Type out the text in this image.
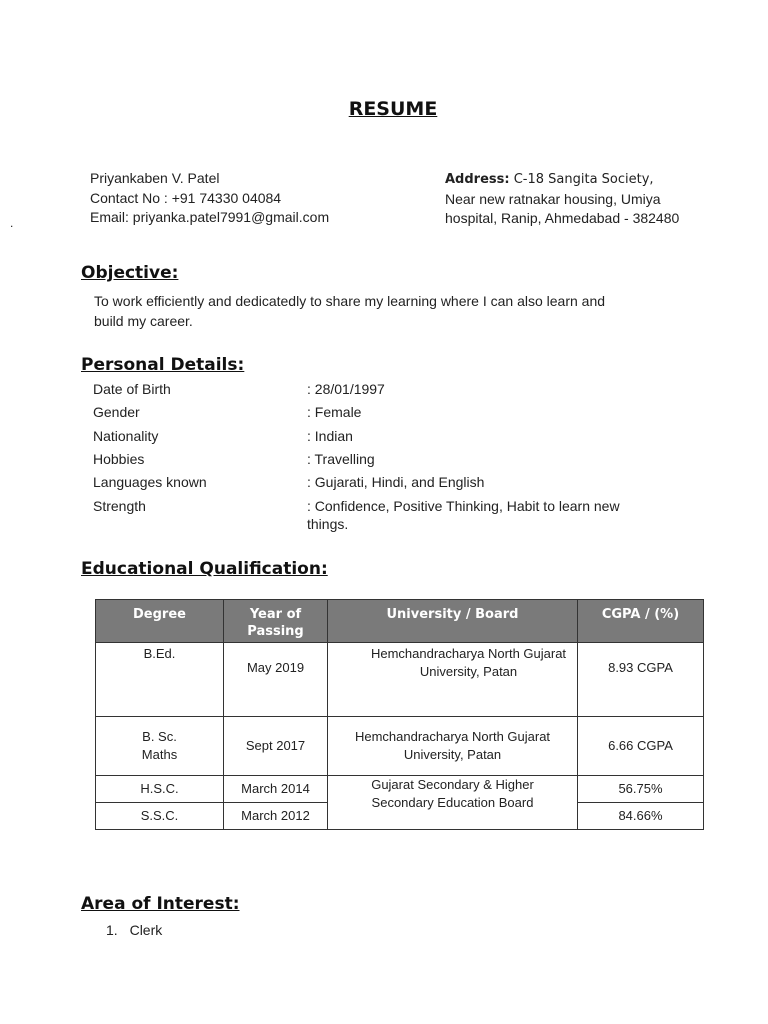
.
RESUME
Priyankaben V. Patel
Contact No : +91 74330 04084
Email: priyanka.patel7991@gmail.com
Address: C-18 Sangita Society,
Near new ratnakar housing, Umiya
hospital, Ranip, Ahmedabad - 382480
Objective:
To work efficiently and dedicatedly to share my learning where I can also learn and
build my career.
Personal Details:
Date of Birth	: 28/01/1997
Gender	: Female
Nationality	: Indian
Hobbies	: Travelling
Languages known	: Gujarati, Hindi, and English
Strength	: Confidence, Positive Thinking, Habit to learn new
things.
Educational Qualification:
Degree	Year of Passing	University / Board	CGPA / (%)
B.Ed.	May 2019	Hemchandracharya North Gujarat University, Patan	8.93 CGPA
B. Sc. Maths	Sept 2017	Hemchandracharya North Gujarat University, Patan	6.66 CGPA
H.S.C.	March 2014	Gujarat Secondary & Higher Secondary Education Board	56.75%
S.S.C.	March 2012		84.66%
Area of Interest:
1. Clerk
